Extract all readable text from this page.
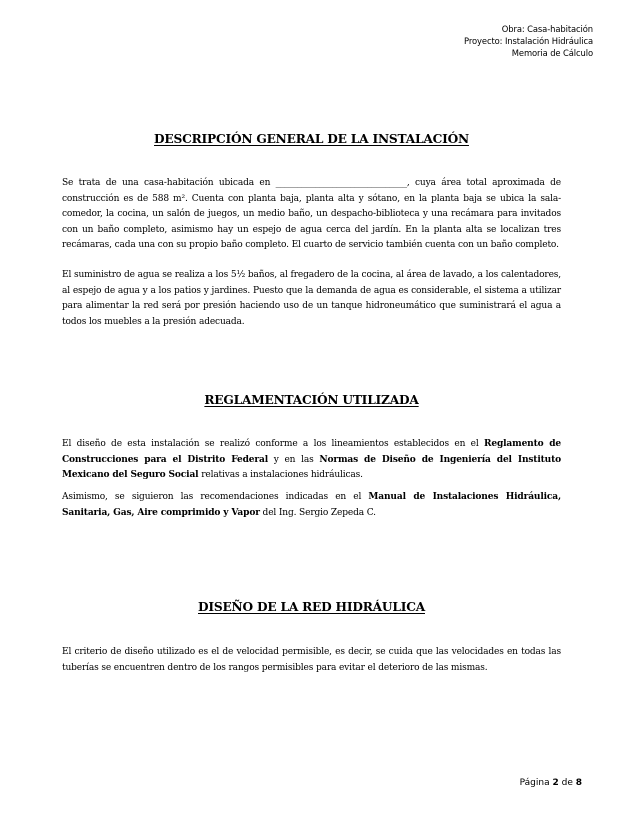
Obra: Casa-habitación
Proyecto: Instalación Hidráulica
Memoria de Cálculo
DESCRIPCIÓN GENERAL DE LA INSTALACIÓN
Se trata de una casa-habitación ubicada en ______________________________, cuya área total aproximada de construcción es de 588 m². Cuenta con planta baja, planta alta y sótano, en la planta baja se ubica la sala-comedor, la cocina, un salón de juegos, un medio baño, un despacho-biblioteca y una recámara para invitados con un baño completo, asimismo hay un espejo de agua cerca del jardín. En la planta alta se localizan tres recámaras, cada una con su propio baño completo. El cuarto de servicio también cuenta con un baño completo.
El suministro de agua se realiza a los 5½ baños, al fregadero de la cocina, al área de lavado, a los calentadores, al espejo de agua y a los patios y jardines. Puesto que la demanda de agua es considerable, el sistema a utilizar para alimentar la red será por presión haciendo uso de un tanque hidroneumático que suministrará el agua a todos los muebles a la presión adecuada.
REGLAMENTACIÓN UTILIZADA
El diseño de esta instalación se realizó conforme a los lineamientos establecidos en el Reglamento de Construcciones para el Distrito Federal y en las Normas de Diseño de Ingeniería del Instituto Mexicano del Seguro Social relativas a instalaciones hidráulicas.
Asimismo, se siguieron las recomendaciones indicadas en el Manual de Instalaciones Hidráulica, Sanitaria, Gas, Aire comprimido y Vapor del Ing. Sergio Zepeda C.
DISEÑO DE LA RED HIDRÁULICA
El criterio de diseño utilizado es el de velocidad permisible, es decir, se cuida que las velocidades en todas las tuberías se encuentren dentro de los rangos permisibles para evitar el deterioro de las mismas.
Página 2 de 8
